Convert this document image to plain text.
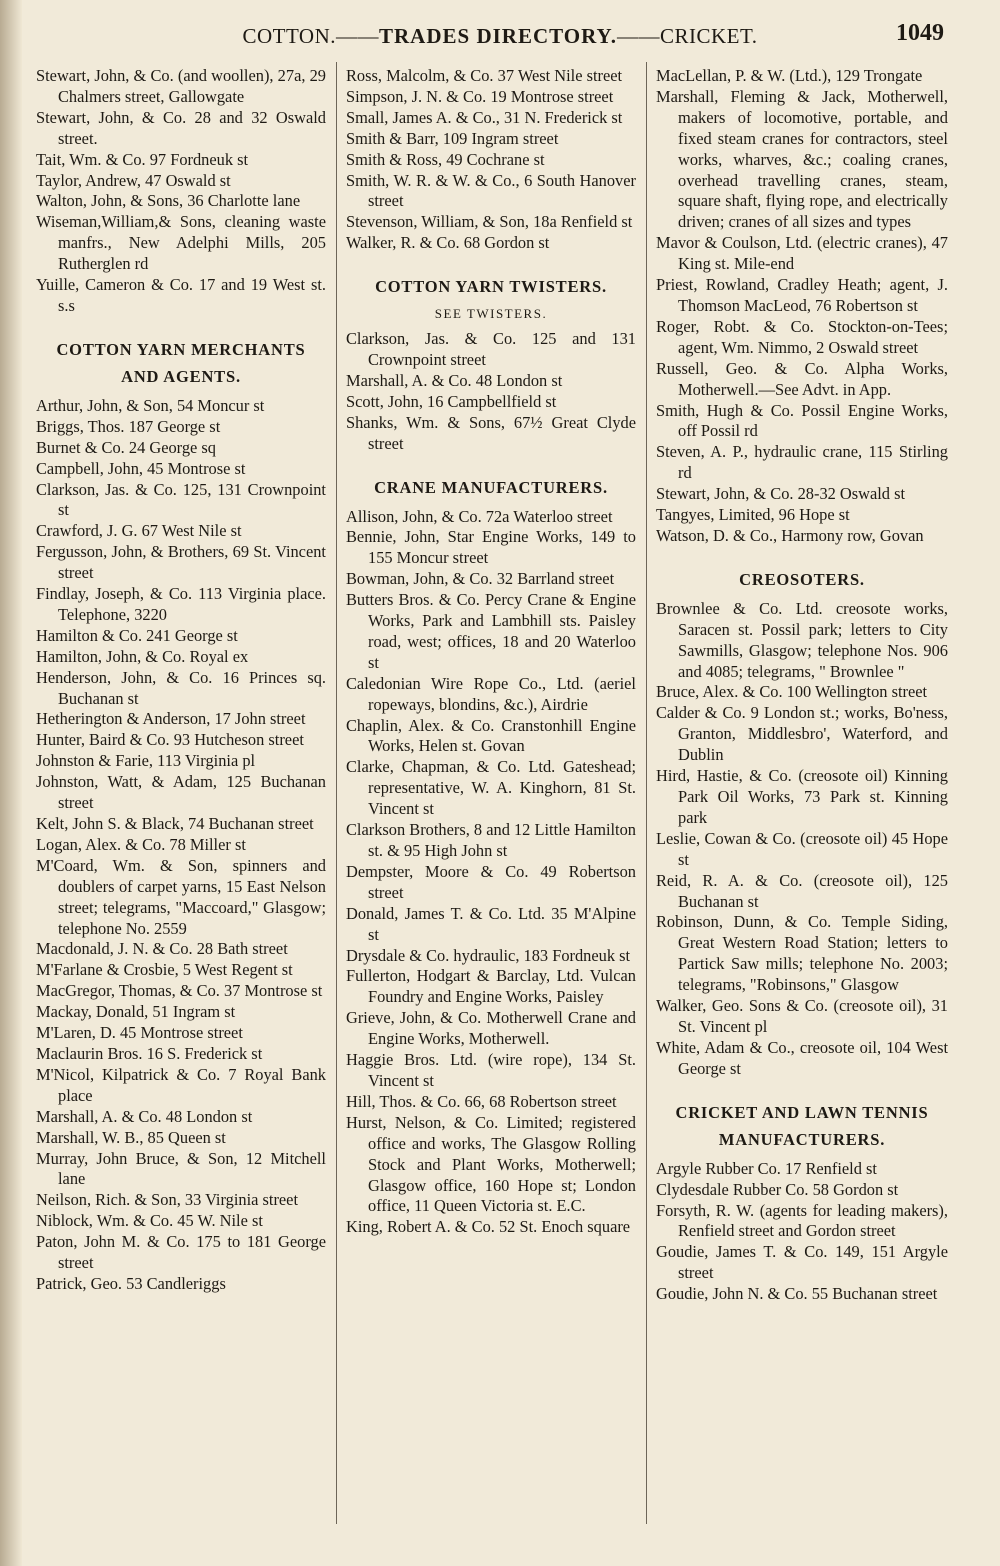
COTTON.——TRADES DIRECTORY.——CRICKET.	1049

Stewart, John, & Co. (and woollen), 27a, 29 Chalmers street, Gallowgate

Stewart, John, & Co. 28 and 32 Oswald street.

Tait, Wm. & Co. 97 Fordneuk st

Taylor, Andrew, 47 Oswald st

Walton, John, & Sons, 36 Charlotte lane

Wiseman,William,& Sons, cleaning waste manfrs., New Adelphi Mills, 205 Rutherglen rd

Yuille, Cameron & Co. 17 and 19 West st. s.s

COTTON YARN MERCHANTS AND AGENTS.

Arthur, John, & Son, 54 Moncur st

Briggs, Thos. 187 George st

Burnet & Co. 24 George sq

Campbell, John, 45 Montrose st

Clarkson, Jas. & Co. 125, 131 Crownpoint st

Crawford, J. G. 67 West Nile st

Fergusson, John, & Brothers, 69 St. Vincent street

Findlay, Joseph, & Co. 113 Virginia place. Telephone, 3220

Hamilton & Co. 241 George st

Hamilton, John, & Co. Royal ex

Henderson, John, & Co. 16 Princes sq. Buchanan st

Hetherington & Anderson, 17 John street

Hunter, Baird & Co. 93 Hutcheson street

Johnston & Farie, 113 Virginia pl

Johnston, Watt, & Adam, 125 Buchanan street

Kelt, John S. & Black, 74 Buchanan street

Logan, Alex. & Co. 78 Miller st

M'Coard, Wm. & Son, spinners and doublers of carpet yarns, 15 East Nelson street; telegrams, "Maccoard," Glasgow; telephone No. 2559

Macdonald, J. N. & Co. 28 Bath street

M'Farlane & Crosbie, 5 West Regent st

MacGregor, Thomas, & Co. 37 Montrose st

Mackay, Donald, 51 Ingram st

M'Laren, D. 45 Montrose street

Maclaurin Bros. 16 S. Frederick st

M'Nicol, Kilpatrick & Co. 7 Royal Bank place

Marshall, A. & Co. 48 London st

Marshall, W. B., 85 Queen st

Murray, John Bruce, & Son, 12 Mitchell lane

Neilson, Rich. & Son, 33 Virginia street

Niblock, Wm. & Co. 45 W. Nile st

Paton, John M. & Co. 175 to 181 George street

Patrick, Geo. 53 Candleriggs

Ross, Malcolm, & Co. 37 West Nile street

Simpson, J. N. & Co. 19 Montrose street

Small, James A. & Co., 31 N. Frederick st

Smith & Barr, 109 Ingram street

Smith & Ross, 49 Cochrane st

Smith, W. R. & W. & Co., 6 South Hanover street

Stevenson, William, & Son, 18a Renfield st

Walker, R. & Co. 68 Gordon st

COTTON YARN TWISTERS.
SEE TWISTERS.

Clarkson, Jas. & Co. 125 and 131 Crownpoint street

Marshall, A. & Co. 48 London st

Scott, John, 16 Campbellfield st

Shanks, Wm. & Sons, 67½ Great Clyde street

CRANE MANUFACTURERS.

Allison, John, & Co. 72a Waterloo street

Bennie, John, Star Engine Works, 149 to 155 Moncur street

Bowman, John, & Co. 32 Barrland street

Butters Bros. & Co. Percy Crane & Engine Works, Park and Lambhill sts. Paisley road, west; offices, 18 and 20 Waterloo st

Caledonian Wire Rope Co., Ltd. (aeriel ropeways, blondins, &c.), Airdrie

Chaplin, Alex. & Co. Cranstonhill Engine Works, Helen st. Govan

Clarke, Chapman, & Co. Ltd. Gateshead; representative, W. A. Kinghorn, 81 St. Vincent st

Clarkson Brothers, 8 and 12 Little Hamilton st. & 95 High John st

Dempster, Moore & Co. 49 Robertson street

Donald, James T. & Co. Ltd. 35 M'Alpine st

Drysdale & Co. hydraulic, 183 Fordneuk st

Fullerton, Hodgart & Barclay, Ltd. Vulcan Foundry and Engine Works, Paisley

Grieve, John, & Co. Motherwell Crane and Engine Works, Motherwell.

Haggie Bros. Ltd. (wire rope), 134 St. Vincent st

Hill, Thos. & Co. 66, 68 Robertson street

Hurst, Nelson, & Co. Limited; registered office and works, The Glasgow Rolling Stock and Plant Works, Motherwell; Glasgow office, 160 Hope st; London office, 11 Queen Victoria st. E.C.

King, Robert A. & Co. 52 St. Enoch square

MacLellan, P. & W. (Ltd.), 129 Trongate

Marshall, Fleming & Jack, Motherwell, makers of locomotive, portable, and fixed steam cranes for contractors, steel works, wharves, &c.; coaling cranes, overhead travelling cranes, steam, square shaft, flying rope, and electrically driven; cranes of all sizes and types

Mavor & Coulson, Ltd. (electric cranes), 47 King st. Mile-end

Priest, Rowland, Cradley Heath; agent, J. Thomson MacLeod, 76 Robertson st

Roger, Robt. & Co. Stockton-on-Tees; agent, Wm. Nimmo, 2 Oswald street

Russell, Geo. & Co. Alpha Works, Motherwell.—See Advt. in App.

Smith, Hugh & Co. Possil Engine Works, off Possil rd

Steven, A. P., hydraulic crane, 115 Stirling rd

Stewart, John, & Co. 28-32 Oswald st

Tangyes, Limited, 96 Hope st

Watson, D. & Co., Harmony row, Govan

CREOSOTERS.

Brownlee & Co. Ltd. creosote works, Saracen st. Possil park; letters to City Sawmills, Glasgow; telephone Nos. 906 and 4085; telegrams, " Brownlee "

Bruce, Alex. & Co. 100 Wellington street

Calder & Co. 9 London st.; works, Bo'ness, Granton, Middlesbro', Waterford, and Dublin

Hird, Hastie, & Co. (creosote oil) Kinning Park Oil Works, 73 Park st. Kinning park

Leslie, Cowan & Co. (creosote oil) 45 Hope st

Reid, R. A. & Co. (creosote oil), 125 Buchanan st

Robinson, Dunn, & Co. Temple Siding, Great Western Road Station; letters to Partick Saw mills; telephone No. 2003; telegrams, "Robinsons," Glasgow

Walker, Geo. Sons & Co. (creosote oil), 31 St. Vincent pl

White, Adam & Co., creosote oil, 104 West George st

CRICKET AND LAWN TENNIS MANUFACTURERS.

Argyle Rubber Co. 17 Renfield st

Clydesdale Rubber Co. 58 Gordon st

Forsyth, R. W. (agents for leading makers), Renfield street and Gordon street

Goudie, James T. & Co. 149, 151 Argyle street

Goudie, John N. & Co. 55 Buchanan street
